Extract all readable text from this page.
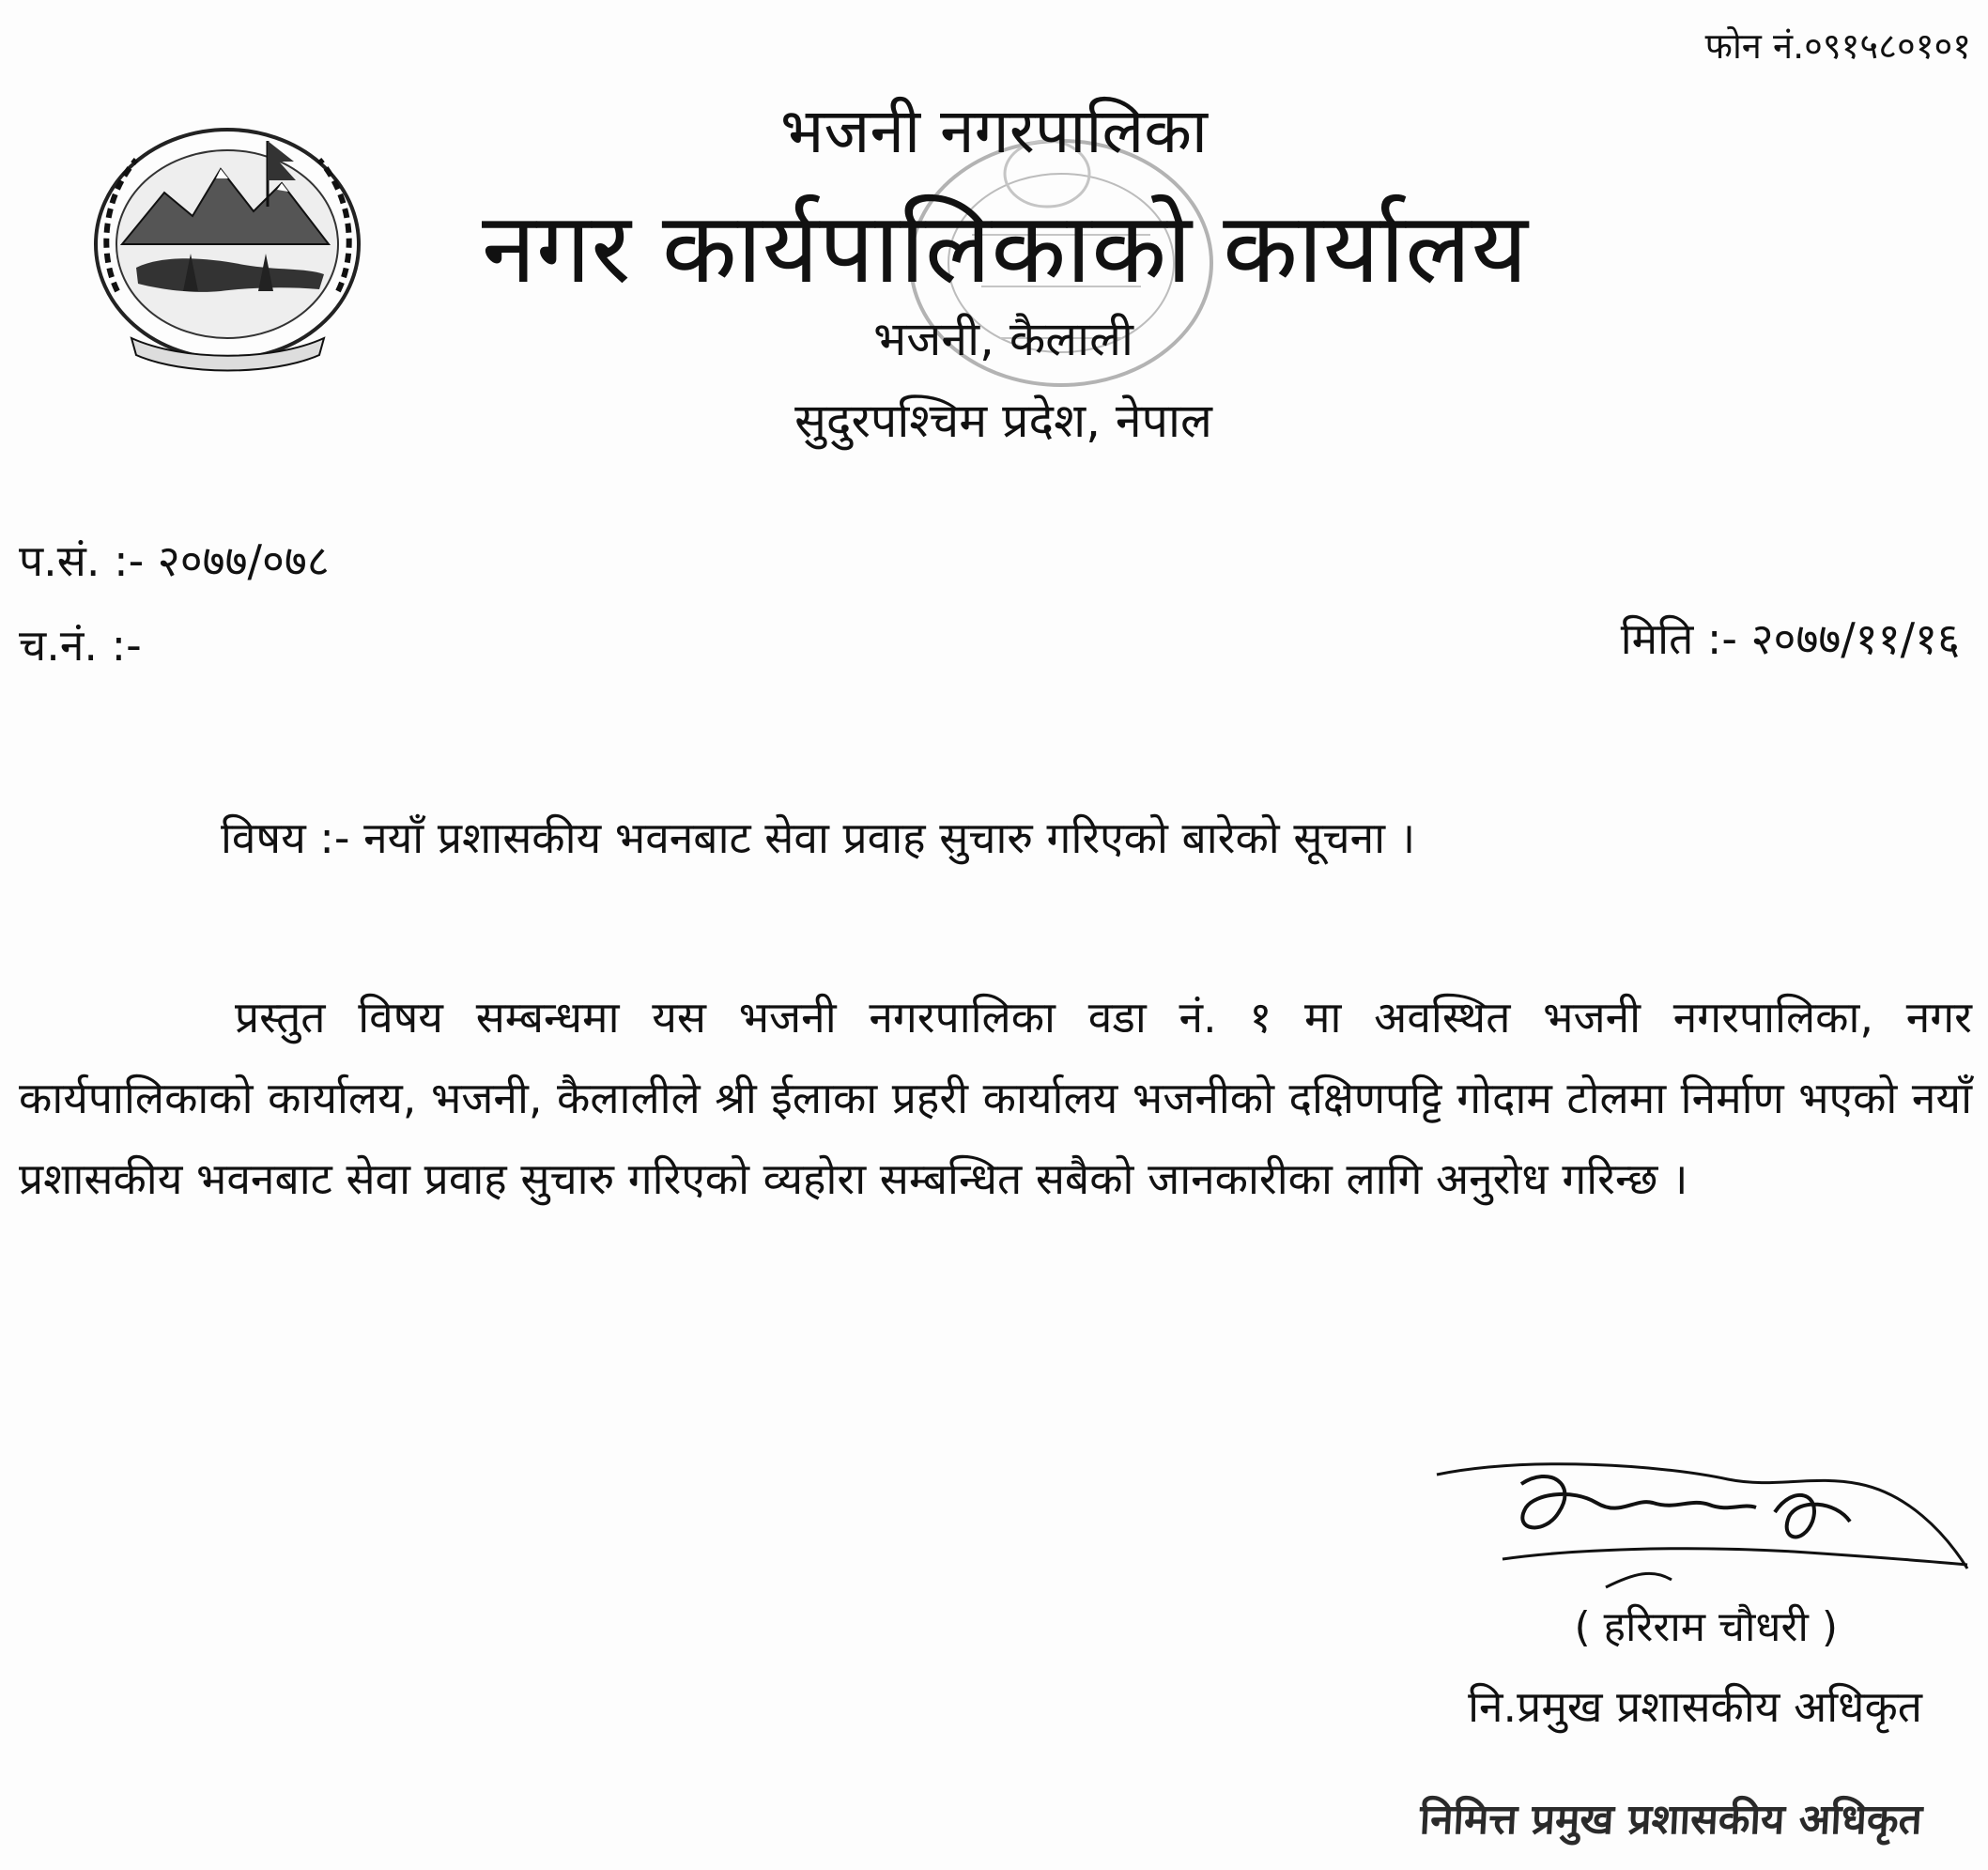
फोन नं.०९१५८०१०१
भजनी नगरपालिका
नगर कार्यपालिकाको कार्यालय
भजनी, कैलाली
सुदुरपश्चिम प्रदेश, नेपाल
प.सं. :- २०७७/०७८
च.नं. :-	मिति :- २०७७/११/१६
विषय :- नयाँ प्रशासकीय भवनबाट सेवा प्रवाह सुचारु गरिएको बारेको सूचना ।

प्रस्तुत विषय सम्बन्धमा यस भजनी नगरपालिका वडा नं. १ मा अवस्थित भजनी नगरपालिका, नगर कार्यपालिकाको कार्यालय, भजनी, कैलालीले श्री ईलाका प्रहरी कार्यालय भजनीको दक्षिणपट्टि गोदाम टोलमा निर्माण भएको नयाँ प्रशासकीय भवनबाट सेवा प्रवाह सुचारु गरिएको व्यहोरा सम्बन्धित सबैको जानकारीका लागि अनुरोध गरिन्छ ।

( हरिराम चौधरी )
नि.प्रमुख प्रशासकीय अधिकृत
निमित्त प्रमुख प्रशासकीय अधिकृत
